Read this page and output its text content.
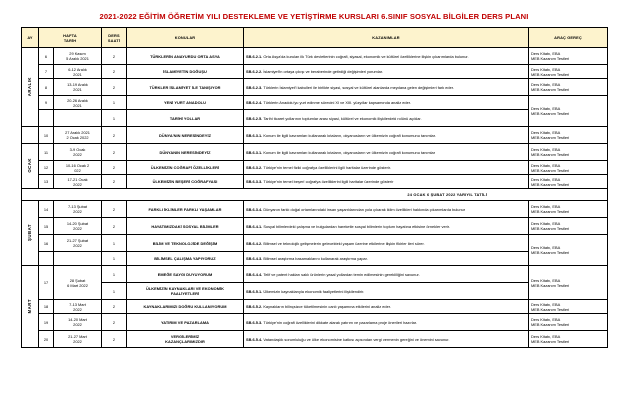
2021-2022 EĞİTİM ÖĞRETİM YILI DESTEKLEME VE YETİŞTİRME KURSLARI 6.SINIF SOSYAL BİLGİLER DERS PLANI
AY	HAFTA
TARİH		DERS
SAATİ	KONULAR	KAZANIMLAR	ARAÇ GEREÇ
ARALIK	6	29 Kasım
5 Aralık 2021	2	TÜRKLERİN ANAYURDU ORTA ASYA	SB.6.2.1. Orta Asya'da kurulan ilk Türk devletlerinin coğrafi, siyasal, ekonomik ve kültürel özelliklerine ilişkin çıkarımlarda bulunur.	Ders Kitabı, EBA
MEB Kazanım Testleri

	7	6-12 Aralık
2021	2	İSLAMİYETİN DOĞUŞU	SB.6.2.2. İslamiyet'in ortaya çıkışı ve beraberinde getirdiği değişimleri yorumlar.	Ders Kitabı, EBA
MEB Kazanım Testleri

	8	13-19 Aralık
2021	2	TÜRKLER İSLAMİYET İLE TANIŞIYOR	SB.6.2.3. Türklerin İslamiyet'i kabulleri ile birlikte siyasi, sosyal ve kültürel alanlarda meydana gelen değişimleri fark eder.	Ders Kitabı, EBA
MEB Kazanım Testleri

	9	20-26 Aralık
2021	1	YENİ YURT ANADOLU	SB.6.2.4. Türklerin Anadolu'yu yurt edinme sürecini XI ve XIII. yüzyıllar kapsamında analiz eder.	Ders Kitabı, EBA
MEB Kazanım Testleri

			1	TARİHİ YOLLAR	SB.6.2.5. Tarihi ticaret yollarının toplumlar arası siyasi, kültürel ve ekonomik ilişkilerdeki rolünü açıklar.	
	10	27 Aralık 2021
2 Ocak 2022	2	DÜNYA'NIN NERESİNDEYİZ	SB.6.3.1. Konum ile ilgili kavramları kullanarak kıtaların, okyanusların ve ülkemizin coğrafi konumunu tanımlar.	Ders Kitabı, EBA
MEB Kazanım Testleri

OCAK	11	3-9 Ocak
2022	2	DÜNYANIN NERESİNDEYİZ	SB.6.3.1. Konum ile ilgili kavramları kullanarak kıtaların, okyanusların ve ülkemizin coğrafi konumunu tanımlar	Ders Kitabı, EBA
MEB Kazanım Testleri

	12	10-16 Ocak 2
022	2	ÜLKEMİZİN COĞRAFİ ÖZELLİKLERİ	SB.6.3.2. Türkiye'nin temel fiziki coğrafya özelliklerini ilgili haritalar üzerinde gösterir.	Ders Kitabı, EBA
MEB Kazanım Testleri

	13	17-21 Ocak
2022	2	ÜLKEMİZİN BEŞERİ COĞRAFYASI	SB.6.3.3. Türkiye'nin temel beşerî coğrafya özelliklerini ilgili haritalar üzerinde gösterir	Ders Kitabı, EBA
MEB Kazanım Testleri

24 OCAK 6 ŞUBAT 2022 YARIYIL TATİLİ						
ŞUBAT	14	7-13 Şubat
2022	2	FARKLI İKLİMLER FARKLI YAŞAMLAR	SB.6.3.4. Dünyanın farklı doğal ortamlarındaki insan yaşantılarından yola çıkarak iklim özellikleri hakkında çıkarımlarda bulunur	Ders Kitabı, EBA
MEB Kazanım Testleri

	15	14-20 Şubat
2022	2	HAYATIMIZDAKİ SOSYAL BİLİMLER	SB.6.4.1. Sosyal bilimlerdeki çalışma ve bulgulardan hareketle sosyal bilimlerin toplum hayatına etkisine örnekler verir.	Ders Kitabı, EBA
MEB Kazanım Testleri

	16	21-27 Şubat
2022	1	BİLİM VE TEKNOLOJİDE DEĞİŞİM	SB.6.4.2. Bilimsel ve teknolojik gelişmelerin gelecekteki yaşam üzerine etkilerine ilişkin fikirler ileri sürer.	Ders Kitabı, EBA
MEB Kazanım Testleri

			1	BİLİMSEL ÇALIŞMA YAPIYORUZ	SB.6.4.3. Bilimsel araştırma basamaklarını kullanarak araştırma yapar.	
MART	17	28 Şubat
6 Mart 2022	1	EMEĞE SAYGI DUYUYORUM	SB.6.4.4. Telif ve patent hakları saklı ürünlerin yasal yollardan temin edilmesinin gerekliliğini savunur.	Ders Kitabı, EBA
MEB Kazanım Testleri

			1	ÜLKEMİZİN KAYNAKLARI VE EKONOMİK
FAALİYETLERİ	SB.6.5.1. Ülkemizin kaynaklarıyla ekonomik faaliyetlerini ilişkilendirir.	
	18	7-13 Mart
2022	2	KAYNAKLARIMIZI DOĞRU KULLANIYORUM	SB.6.5.2. Kaynakların bilinçsizce tüketilmesinin canlı yaşamına etkilerini analiz eder.	Ders Kitabı, EBA
MEB Kazanım Testleri

	19	14-20 Mart
2022	2	YATIRIM VE PAZARLAMA	SB.6.5.3. Türkiye'nin coğrafi özelliklerini dikkate alarak yatırım ve pazarlama proje önerileri hazırlar.	Ders Kitabı, EBA
MEB Kazanım Testleri

	20	21-27 Mart
2022	2	VERGİLERİMİZ
KAZANÇLARIMIZDIR	SB.6.5.4. Vatandaşlık sorumluluğu ve ülke ekonomisine katkısı açısından vergi vermenin gereğini ve önemini savunur.	Ders Kitabı, EBA
MEB Kazanım Testleri
